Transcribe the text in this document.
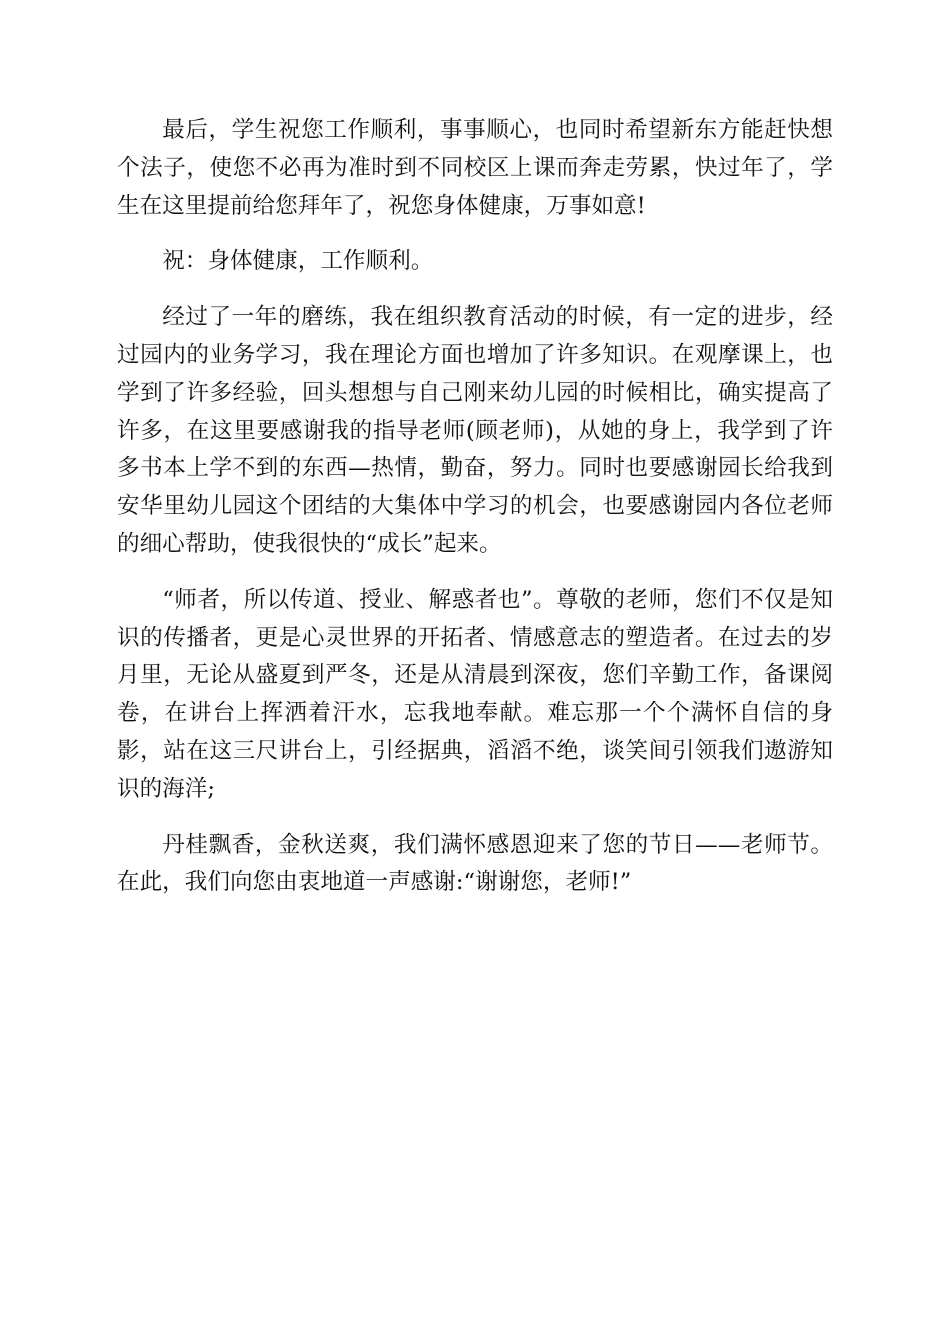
最后，学生祝您工作顺利，事事顺心，也同时希望新东方能赶快想个法子，使您不必再为准时到不同校区上课而奔走劳累，快过年了，学生在这里提前给您拜年了，祝您身体健康，万事如意!

祝：身体健康，工作顺利。

经过了一年的磨练，我在组织教育活动的时候，有一定的进步，经过园内的业务学习，我在理论方面也增加了许多知识。在观摩课上，也学到了许多经验，回头想想与自己刚来幼儿园的时候相比，确实提高了许多，在这里要感谢我的指导老师(顾老师)，从她的身上，我学到了许多书本上学不到的东西—热情，勤奋，努力。同时也要感谢园长给我到安华里幼儿园这个团结的大集体中学习的机会，也要感谢园内各位老师的细心帮助，使我很快的“成长”起来。

“师者，所以传道、授业、解惑者也”。尊敬的老师，您们不仅是知识的传播者，更是心灵世界的开拓者、情感意志的塑造者。在过去的岁月里，无论从盛夏到严冬，还是从清晨到深夜，您们辛勤工作，备课阅卷，在讲台上挥洒着汗水，忘我地奉献。难忘那一个个满怀自信的身影，站在这三尺讲台上，引经据典，滔滔不绝，谈笑间引领我们遨游知识的海洋;

丹桂飘香，金秋送爽，我们满怀感恩迎来了您的节日——老师节。在此，我们向您由衷地道一声感谢:“谢谢您，老师!”
